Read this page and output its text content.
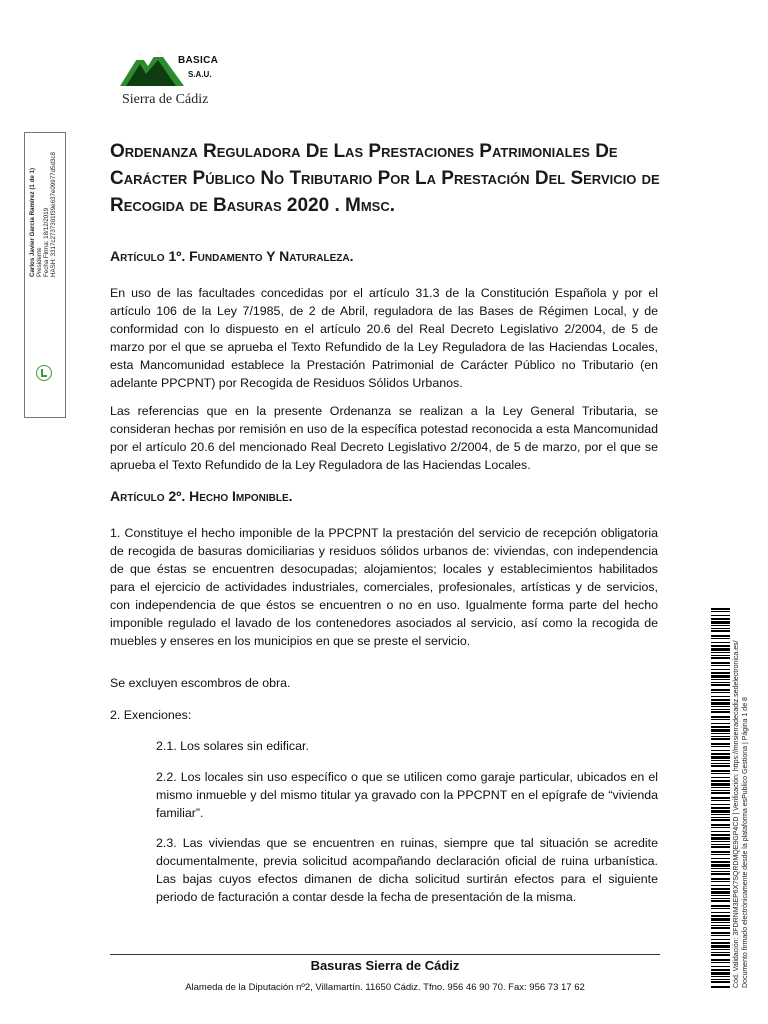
BASICA
S.A.U.
Sierra de Cádiz
Carlos Javier García Ramírez (1 de 1) Presidente Fecha Firma: 18/12/2019 HASH: 3317c2737301f39e637e09977d5d3c8
Cód. Validación: 3FDRNM3EP6X7SQRDMQE9GP4CD | Verificación: https://mnsierradecadiz.sedelectronica.es/ Documento firmado electrónicamente desde la plataforma esPublico Gestiona | Página 1 de 8
Ordenanza Reguladora De Las Prestaciones Patrimoniales De Carácter Público No Tributario Por La Prestación Del Servicio de Recogida de Basuras 2020 . Mmsc.
Artículo 1º. Fundamento Y Naturaleza.
En uso de las facultades concedidas por el artículo 31.3 de la Constitución Española y por el artículo 106 de la Ley 7/1985, de 2 de Abril, reguladora de las Bases de Régimen Local, y de conformidad con lo dispuesto en el artículo 20.6 del Real Decreto Legislativo 2/2004, de 5 de marzo por el que se aprueba el Texto Refundido de la Ley Reguladora de las Haciendas Locales, esta Mancomunidad establece la Prestación Patrimonial de Carácter Público no Tributario (en adelante PPCPNT) por Recogida de Residuos Sólidos Urbanos.
Las referencias que en la presente Ordenanza se realizan a la Ley General Tributaria, se consideran hechas por remisión en uso de la específica potestad reconocida a esta Mancomunidad por el artículo 20.6 del mencionado Real Decreto Legislativo 2/2004, de 5 de marzo, por el que se aprueba el Texto Refundido de la Ley Reguladora de las Haciendas Locales.
Artículo 2º. Hecho Imponible.
1. Constituye el hecho imponible de la PPCPNT la prestación del servicio de recepción obligatoria de recogida de basuras domiciliarias y residuos sólidos urbanos de: viviendas, con independencia de que éstas se encuentren desocupadas; alojamientos; locales y establecimientos habilitados para el ejercicio de actividades industriales, comerciales, profesionales, artísticas y de servicios, con independencia de que éstos se encuentren o no en uso. Igualmente forma parte del hecho imponible regulado el lavado de los contenedores asociados al servicio, así como la recogida de muebles y enseres en los municipios en que se preste el servicio.
Se excluyen escombros de obra.
2. Exenciones:
2.1. Los solares sin edificar.
2.2. Los locales sin uso específico o que se utilicen como garaje particular, ubicados en el mismo inmueble y del mismo titular ya gravado con la PPCPNT en el epígrafe de “vivienda familiar”.
2.3. Las viviendas que se encuentren en ruinas, siempre que tal situación se acredite documentalmente, previa solicitud acompañando declaración oficial de ruina urbanística. Las bajas cuyos efectos dimanen de dicha solicitud surtirán efectos para el siguiente periodo de facturación a contar desde la fecha de presentación de la misma.
Basuras Sierra de Cádiz
Alameda de la Diputación nº2, Villamartín. 11650 Cádiz. Tfno. 956 46 90 70. Fax: 956 73 17 62
